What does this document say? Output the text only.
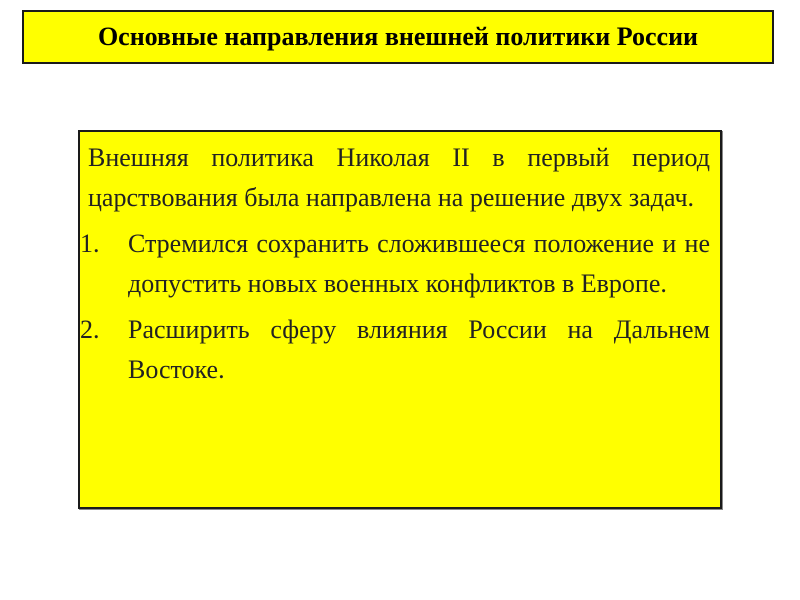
Основные направления внешней политики России

Внешняя политика Николая II в первый период царствования была направлена на решение двух задач.

1.	Стремился сохранить сложившееся положение и не допустить новых военных конфликтов в Европе.
2.	Расширить сферу влияния России на Дальнем Востоке.
